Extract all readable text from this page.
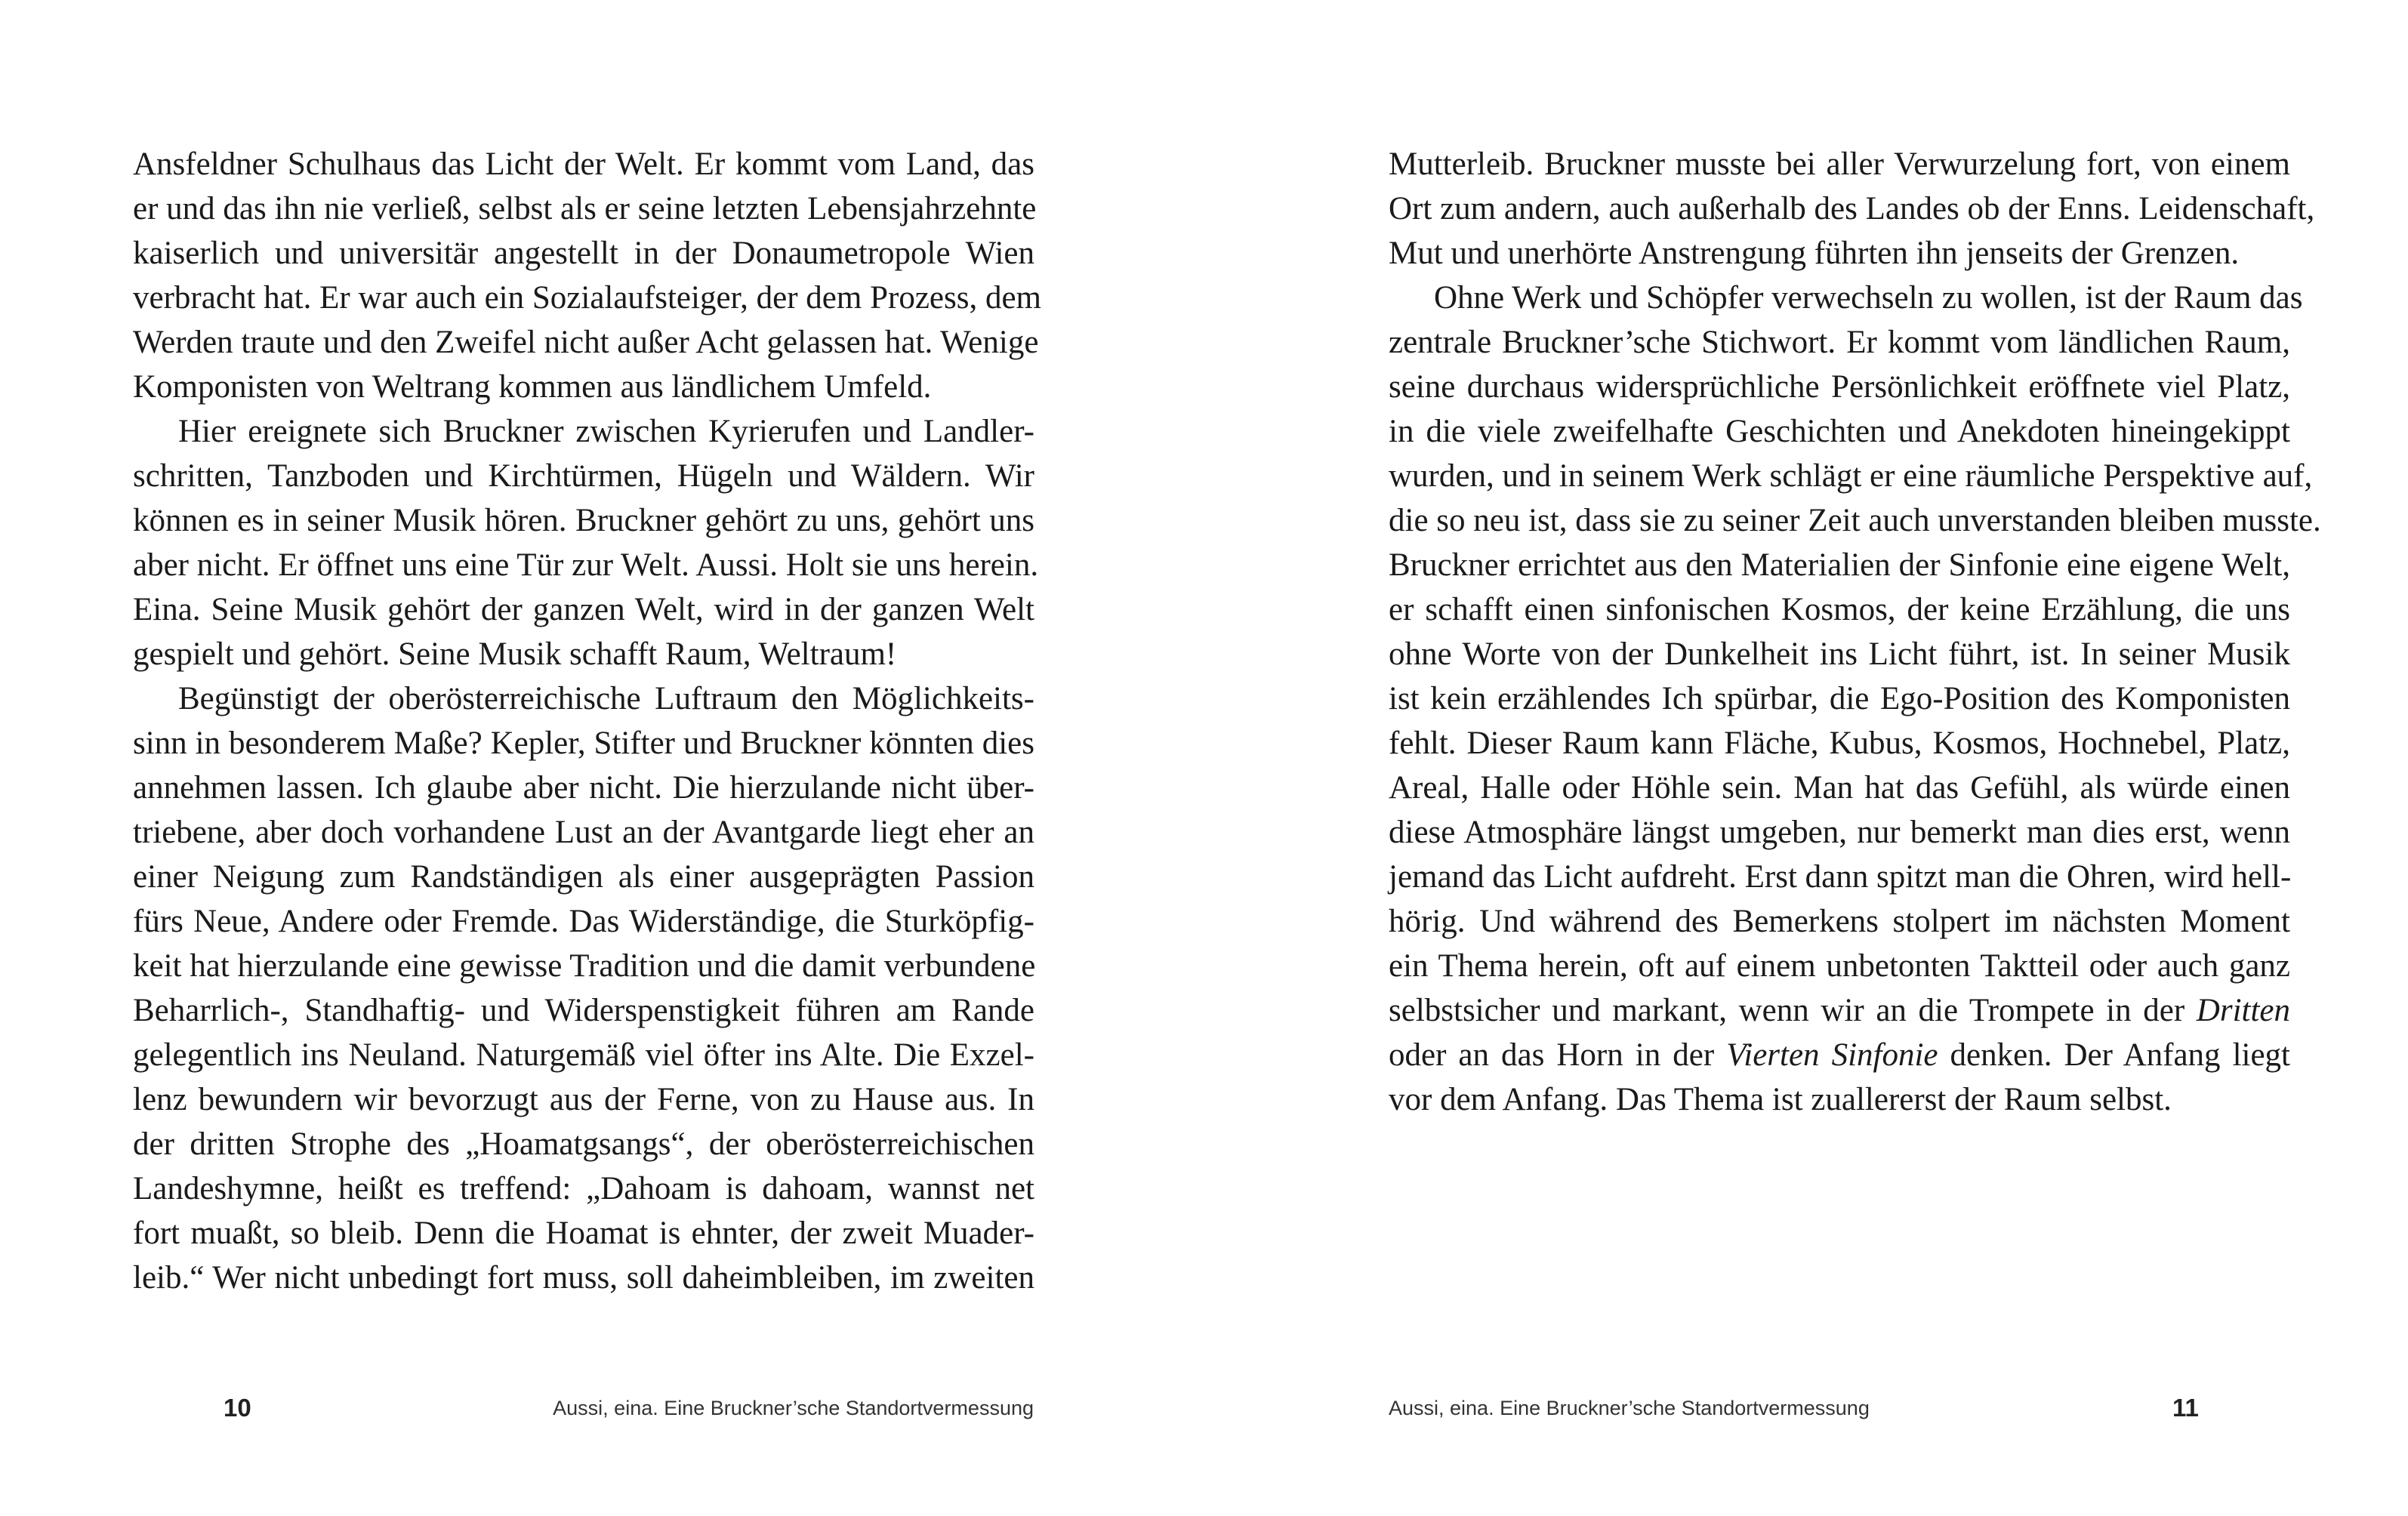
Ansfeldner Schulhaus das Licht der Welt. Er kommt vom Land, das
er und das ihn nie verließ, selbst als er seine letzten Lebensjahrzehnte
kaiserlich und universitär angestellt in der Donaumetropole Wien
verbracht hat. Er war auch ein Sozialaufsteiger, der dem Prozess, dem
Werden traute und den Zweifel nicht außer Acht gelassen hat. Wenige
Komponisten von Weltrang kommen aus ländlichem Umfeld.
Hier ereignete sich Bruckner zwischen Kyrierufen und Landler-
schritten, Tanzboden und Kirchtürmen, Hügeln und Wäldern. Wir
können es in seiner Musik hören. Bruckner gehört zu uns, gehört uns
aber nicht. Er öffnet uns eine Tür zur Welt. Aussi. Holt sie uns herein.
Eina. Seine Musik gehört der ganzen Welt, wird in der ganzen Welt
gespielt und gehört. Seine Musik schafft Raum, Weltraum!
Begünstigt der oberösterreichische Luftraum den Möglichkeits-
sinn in besonderem Maße? Kepler, Stifter und Bruckner könnten dies
annehmen lassen. Ich glaube aber nicht. Die hierzulande nicht über-
triebene, aber doch vorhandene Lust an der Avantgarde liegt eher an
einer Neigung zum Randständigen als einer ausgeprägten Passion
fürs Neue, Andere oder Fremde. Das Widerständige, die Sturköpfig-
keit hat hierzulande eine gewisse Tradition und die damit verbundene
Beharrlich-, Standhaftig- und Widerspenstigkeit führen am Rande
gelegentlich ins Neuland. Naturgemäß viel öfter ins Alte. Die Exzel-
lenz bewundern wir bevorzugt aus der Ferne, von zu Hause aus. In
der dritten Strophe des „Hoamatgsangs“, der oberösterreichischen
Landeshymne, heißt es treffend: „Dahoam is dahoam, wannst net
fort muaßt, so bleib. Denn die Hoamat is ehnter, der zweit Muader-
leib.“ Wer nicht unbedingt fort muss, soll daheimbleiben, im zweiten
10	Aussi, eina. Eine Bruckner’sche Standortvermessung
Mutterleib. Bruckner musste bei aller Verwurzelung fort, von einem
Ort zum andern, auch außerhalb des Landes ob der Enns. Leidenschaft,
Mut und unerhörte Anstrengung führten ihn jenseits der Grenzen.
Ohne Werk und Schöpfer verwechseln zu wollen, ist der Raum das
zentrale Bruckner’sche Stichwort. Er kommt vom ländlichen Raum,
seine durchaus widersprüchliche Persönlichkeit eröffnete viel Platz,
in die viele zweifelhafte Geschichten und Anekdoten hineingekippt
wurden, und in seinem Werk schlägt er eine räumliche Perspektive auf,
die so neu ist, dass sie zu seiner Zeit auch unverstanden bleiben musste.
Bruckner errichtet aus den Materialien der Sinfonie eine eigene Welt,
er schafft einen sinfonischen Kosmos, der keine Erzählung, die uns
ohne Worte von der Dunkelheit ins Licht führt, ist. In seiner Musik
ist kein erzählendes Ich spürbar, die Ego-Position des Komponisten
fehlt. Dieser Raum kann Fläche, Kubus, Kosmos, Hochnebel, Platz,
Areal, Halle oder Höhle sein. Man hat das Gefühl, als würde einen
diese Atmosphäre längst umgeben, nur bemerkt man dies erst, wenn
jemand das Licht aufdreht. Erst dann spitzt man die Ohren, wird hell-
hörig. Und während des Bemerkens stolpert im nächsten Moment
ein Thema herein, oft auf einem unbetonten Taktteil oder auch ganz
selbstsicher und markant, wenn wir an die Trompete in der Dritten
oder an das Horn in der Vierten Sinfonie denken. Der Anfang liegt
vor dem Anfang. Das Thema ist zuallererst der Raum selbst.
Aussi, eina. Eine Bruckner’sche Standortvermessung	11
